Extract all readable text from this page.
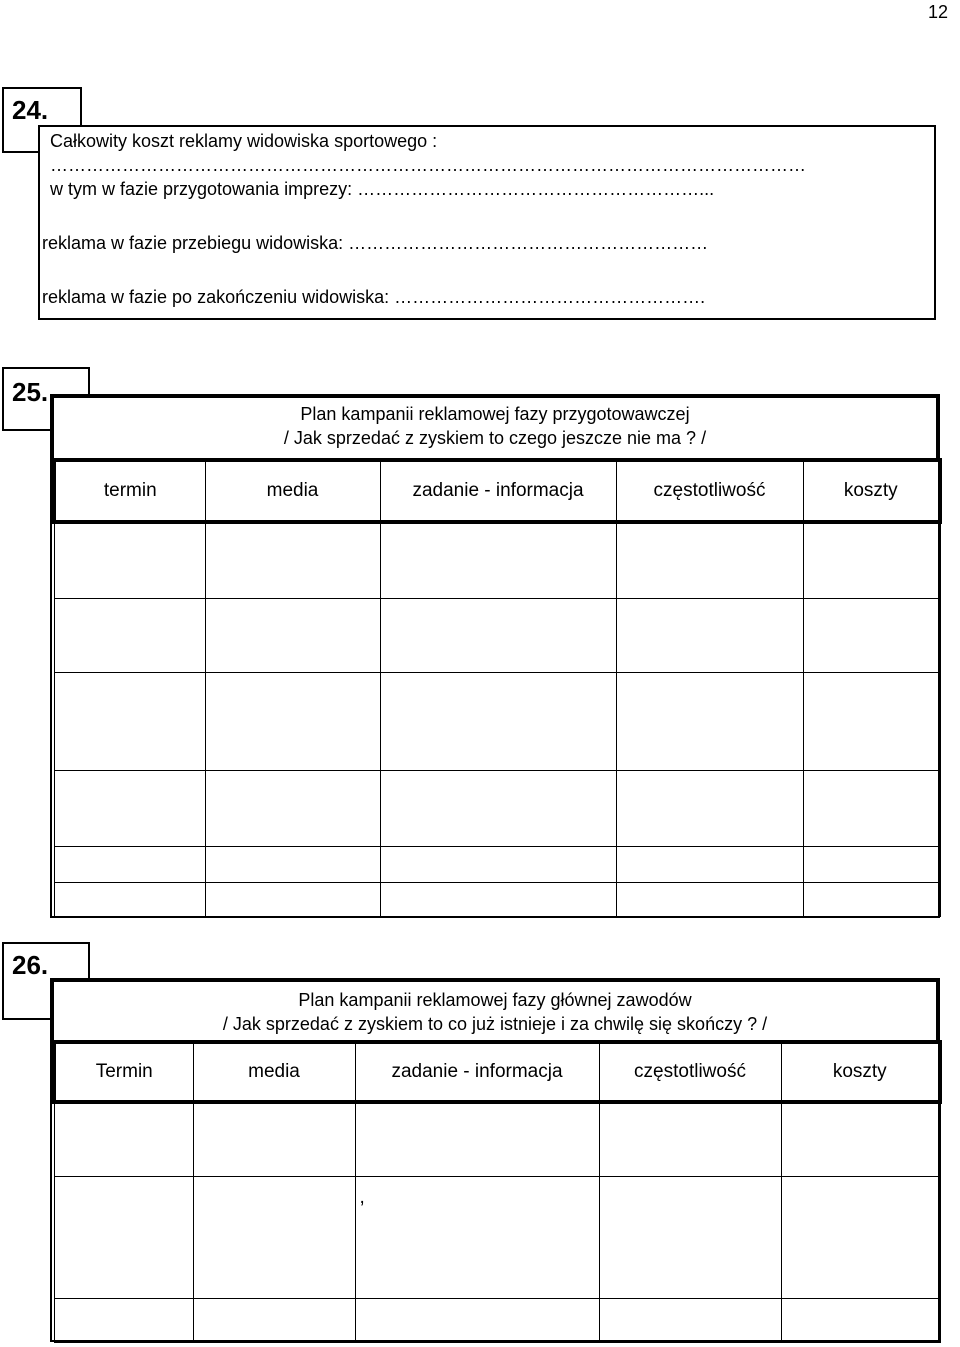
12
24.
Całkowity koszt reklamy widowiska sportowego :
………………………………………………………………………………………………………………
w tym w fazie przygotowania imprezy: …………………………………………………...
reklama w fazie przebiegu widowiska: ……………………………………………………
reklama w fazie po zakończeniu widowiska: …………………………………………….
25.
Plan kampanii reklamowej fazy przygotowawczej
/ Jak sprzedać z zyskiem to czego jeszcze nie ma ? /
termin	media	zadanie - informacja	częstotliwość	koszty

26.
Plan kampanii reklamowej fazy głównej zawodów
/ Jak sprzedać z zyskiem to co już istnieje i za chwilę się skończy ? /
Termin	media	zadanie - informacja	częstotliwość	koszty

		,		
